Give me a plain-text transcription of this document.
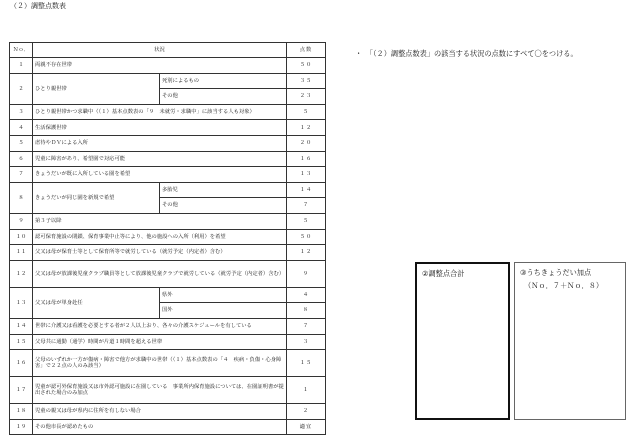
（２）調整点数表
Ｎｏ．	状況		点数
１	両親不存在世帯		５０
２	ひとり親世帯	死別によるもの	３５
		その他	２３
３	ひとり親世帯かつ求職中（（１）基本点数表の「９　未就労・求職中」に該当する人も対象）		５
４	生活保護世帯		１２
５	虐待やＤＶによる入所		２０
６	児童に障害があり、希望園で対応可能		１６
７	きょうだいが既に入所している園を希望		１３
８	きょうだいが同じ園を新規で希望	多胎児	１４
		その他	７
９	第３子以降		５
１０	認可保育施設の閉鎖、保育事業中止等により、他の施設への入所（利用）を希望		５０
１１	父又は母が保育士等として保育所等で就労している（就労予定（内定者）含む）		１２
１２	父又は母が放課後児童クラブ職員等として放課後児童クラブで就労している（就労予定（内定者）含む）		９
１３	父又は母が単身赴任	県外	４
		国外	８
１４	世帯に介護又は看護を必要とする者が２人以上おり、各々の介護スケジュールを有している		７
１５	父母共に通勤（通学）時間が片道１時間を超える世帯		３
１６	父母のいずれか一方が傷病・障害で他方が求職中の世帯（（１）基本点数表の「４　疾病・負傷・心身障害」で２２点の人のみ該当）		１５
１７	児童が認可外保育施設又は市外認可施設に在園している　事業所内保育施設については、在園証明書が提出された場合のみ加点		１
１８	児童の親又は母が県内に住所を有しない場合		２
１９	その他市長が認めたもの		適宜
・　「（２）調整点数表」の該当する状況の点数にすべて〇をつける。
②調整点合計	③うちきょうだい加点
（Ｎｏ．７＋Ｎｏ．８）
